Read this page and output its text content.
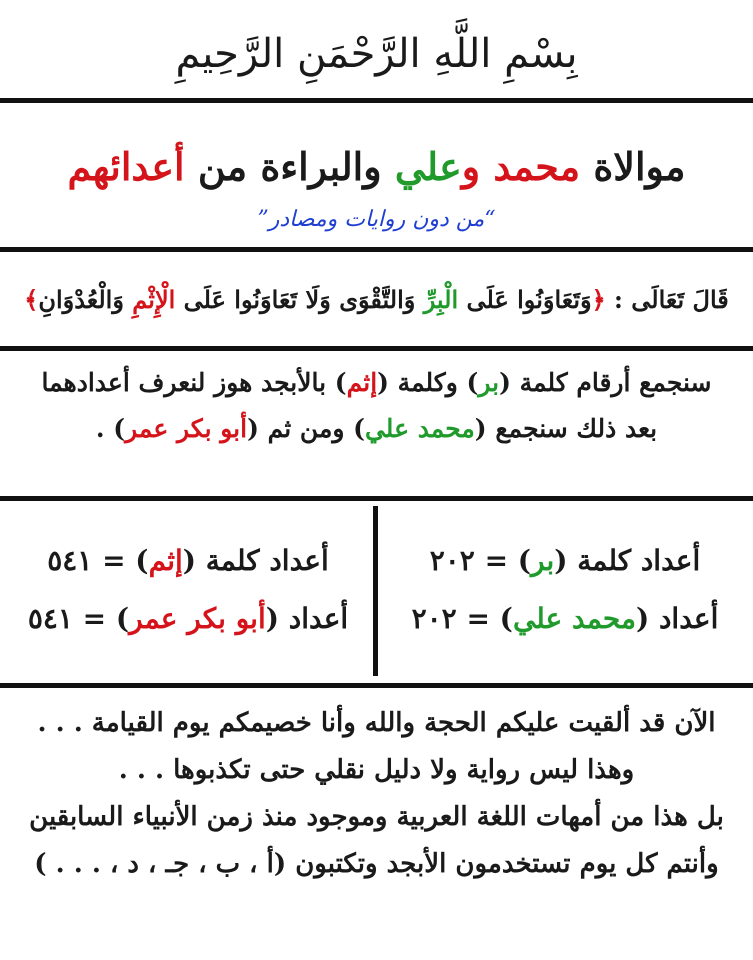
بِسْمِ اللَّهِ الرَّحْمَنِ الرَّحِيمِ
موالاة محمد وعلي والبراءة من أعدائهم
“من دون روايات ومصادر”
قَالَ تَعَالَى : ﴿وَتَعَاوَنُوا عَلَى الْبِرِّ وَالتَّقْوَى وَلَا تَعَاوَنُوا عَلَى الْإِثْمِ وَالْعُدْوَانِ﴾
سنجمع أرقام كلمة (بر) وكلمة (إثم) بالأبجد هوز لنعرف أعدادهما
بعد ذلك سنجمع (محمد علي) ومن ثم (أبو بكر عمر) .
أعداد كلمة (بر) = ٢٠٢
أعداد (محمد علي) = ٢٠٢
أعداد كلمة (إثم) = ٥٤١
أعداد (أبو بكر عمر) = ٥٤١
الآن قد ألقيت عليكم الحجة والله وأنا خصيمكم يوم القيامة . . .
وهذا ليس رواية ولا دليل نقلي حتى تكذبوها . . .
بل هذا من أمهات اللغة العربية وموجود منذ زمن الأنبياء السابقين
وأنتم كل يوم تستخدمون الأبجد وتكتبون (أ ، ب ، جـ ، د ، . . . )
